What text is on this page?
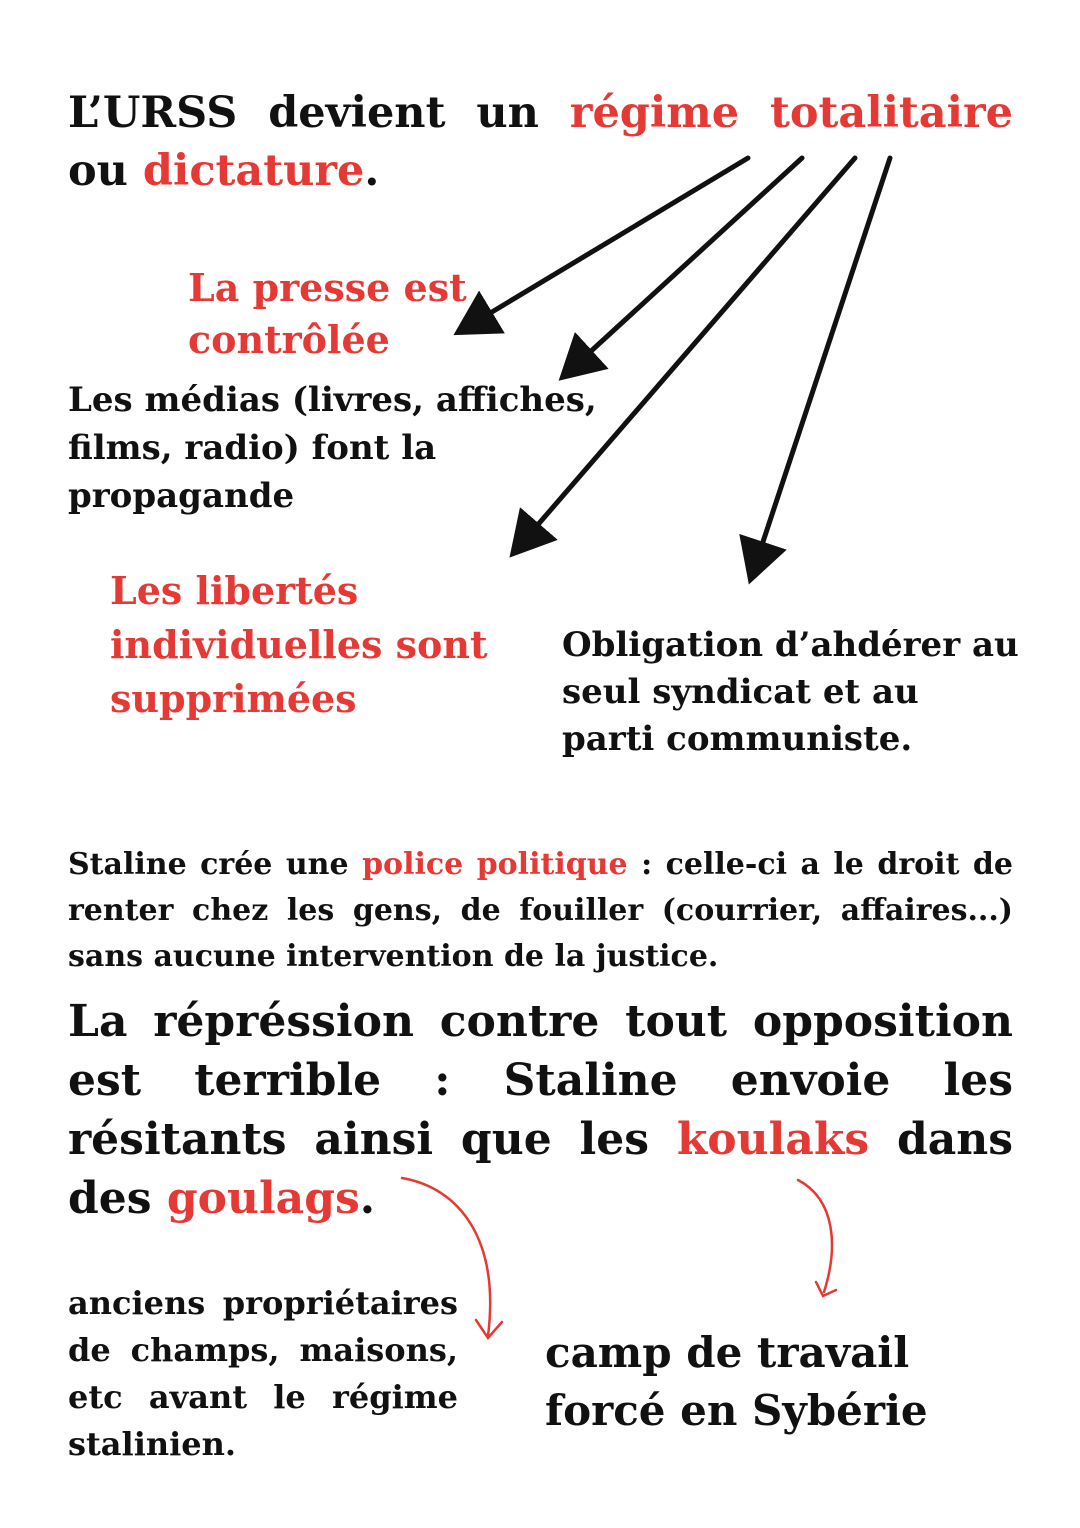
L’URSS devient un régime totalitaire ou dictature.

La presse est contrôlée

Les médias (livres, affiches, films, radio) font la propagande

Les libertés individuelles sont supprimées

Obligation d’ahdérer au seul syndicat et au parti communiste.

Staline crée une police politique : celle-ci a le droit de renter chez les gens, de fouiller (courrier, affaires...) sans aucune intervention de la justice.

La répréssion contre tout opposition est terrible : Staline envoie les résitants ainsi que les koulaks dans des goulags.

anciens propriétaires de champs, maisons, etc avant le régime stalinien.

camp de travail forcé en Sybérie
